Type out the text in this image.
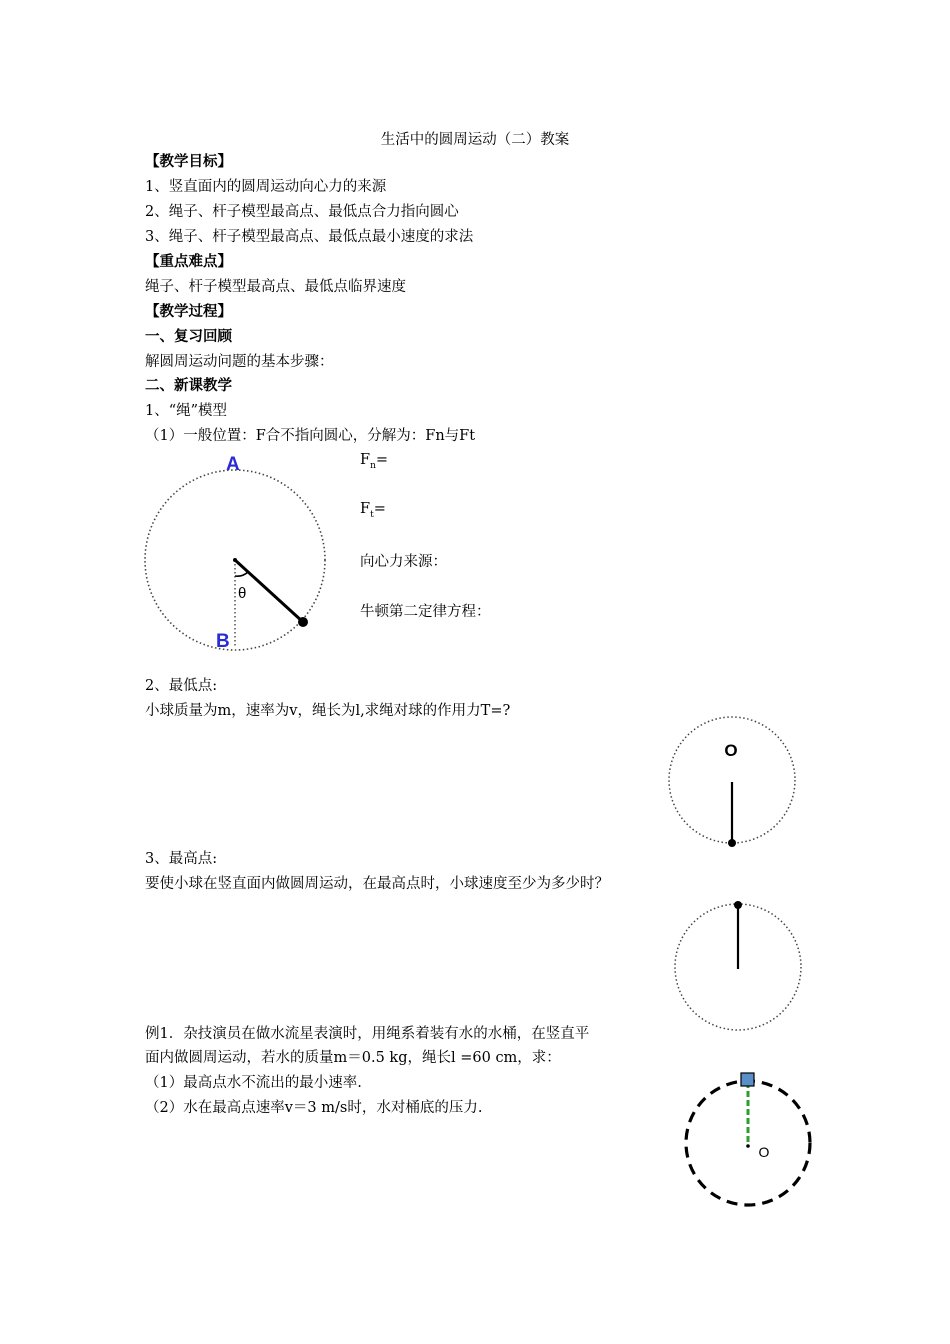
生活中的圆周运动（二）教案
【教学目标】
1、竖直面内的圆周运动向心力的来源
2、绳子、杆子模型最高点、最低点合力指向圆心
3、绳子、杆子模型最高点、最低点最小速度的求法
【重点难点】
绳子、杆子模型最高点、最低点临界速度
【教学过程】
一、复习回顾
解圆周运动问题的基本步骤：
二、新课教学
1、“绳”模型
（1）一般位置：F合不指向圆心，分解为：Fn与Ft
A
B
θ
$F_n=$
$F_t=$
向心力来源：
牛顿第二定律方程：
2、最低点:
小球质量为m，速率为v，绳长为l,求绳对球的作用力T=?
O
3、最高点:
要使小球在竖直面内做圆周运动，在最高点时，小球速度至少为多少时？
例1．杂技演员在做水流星表演时，用绳系着装有水的水桶，在竖直平
面内做圆周运动，若水的质量m＝0.5 kg，绳长l =60 cm，求：
（1）最高点水不流出的最小速率.
（2）水在最高点速率v＝3 m/s时，水对桶底的压力.
O
